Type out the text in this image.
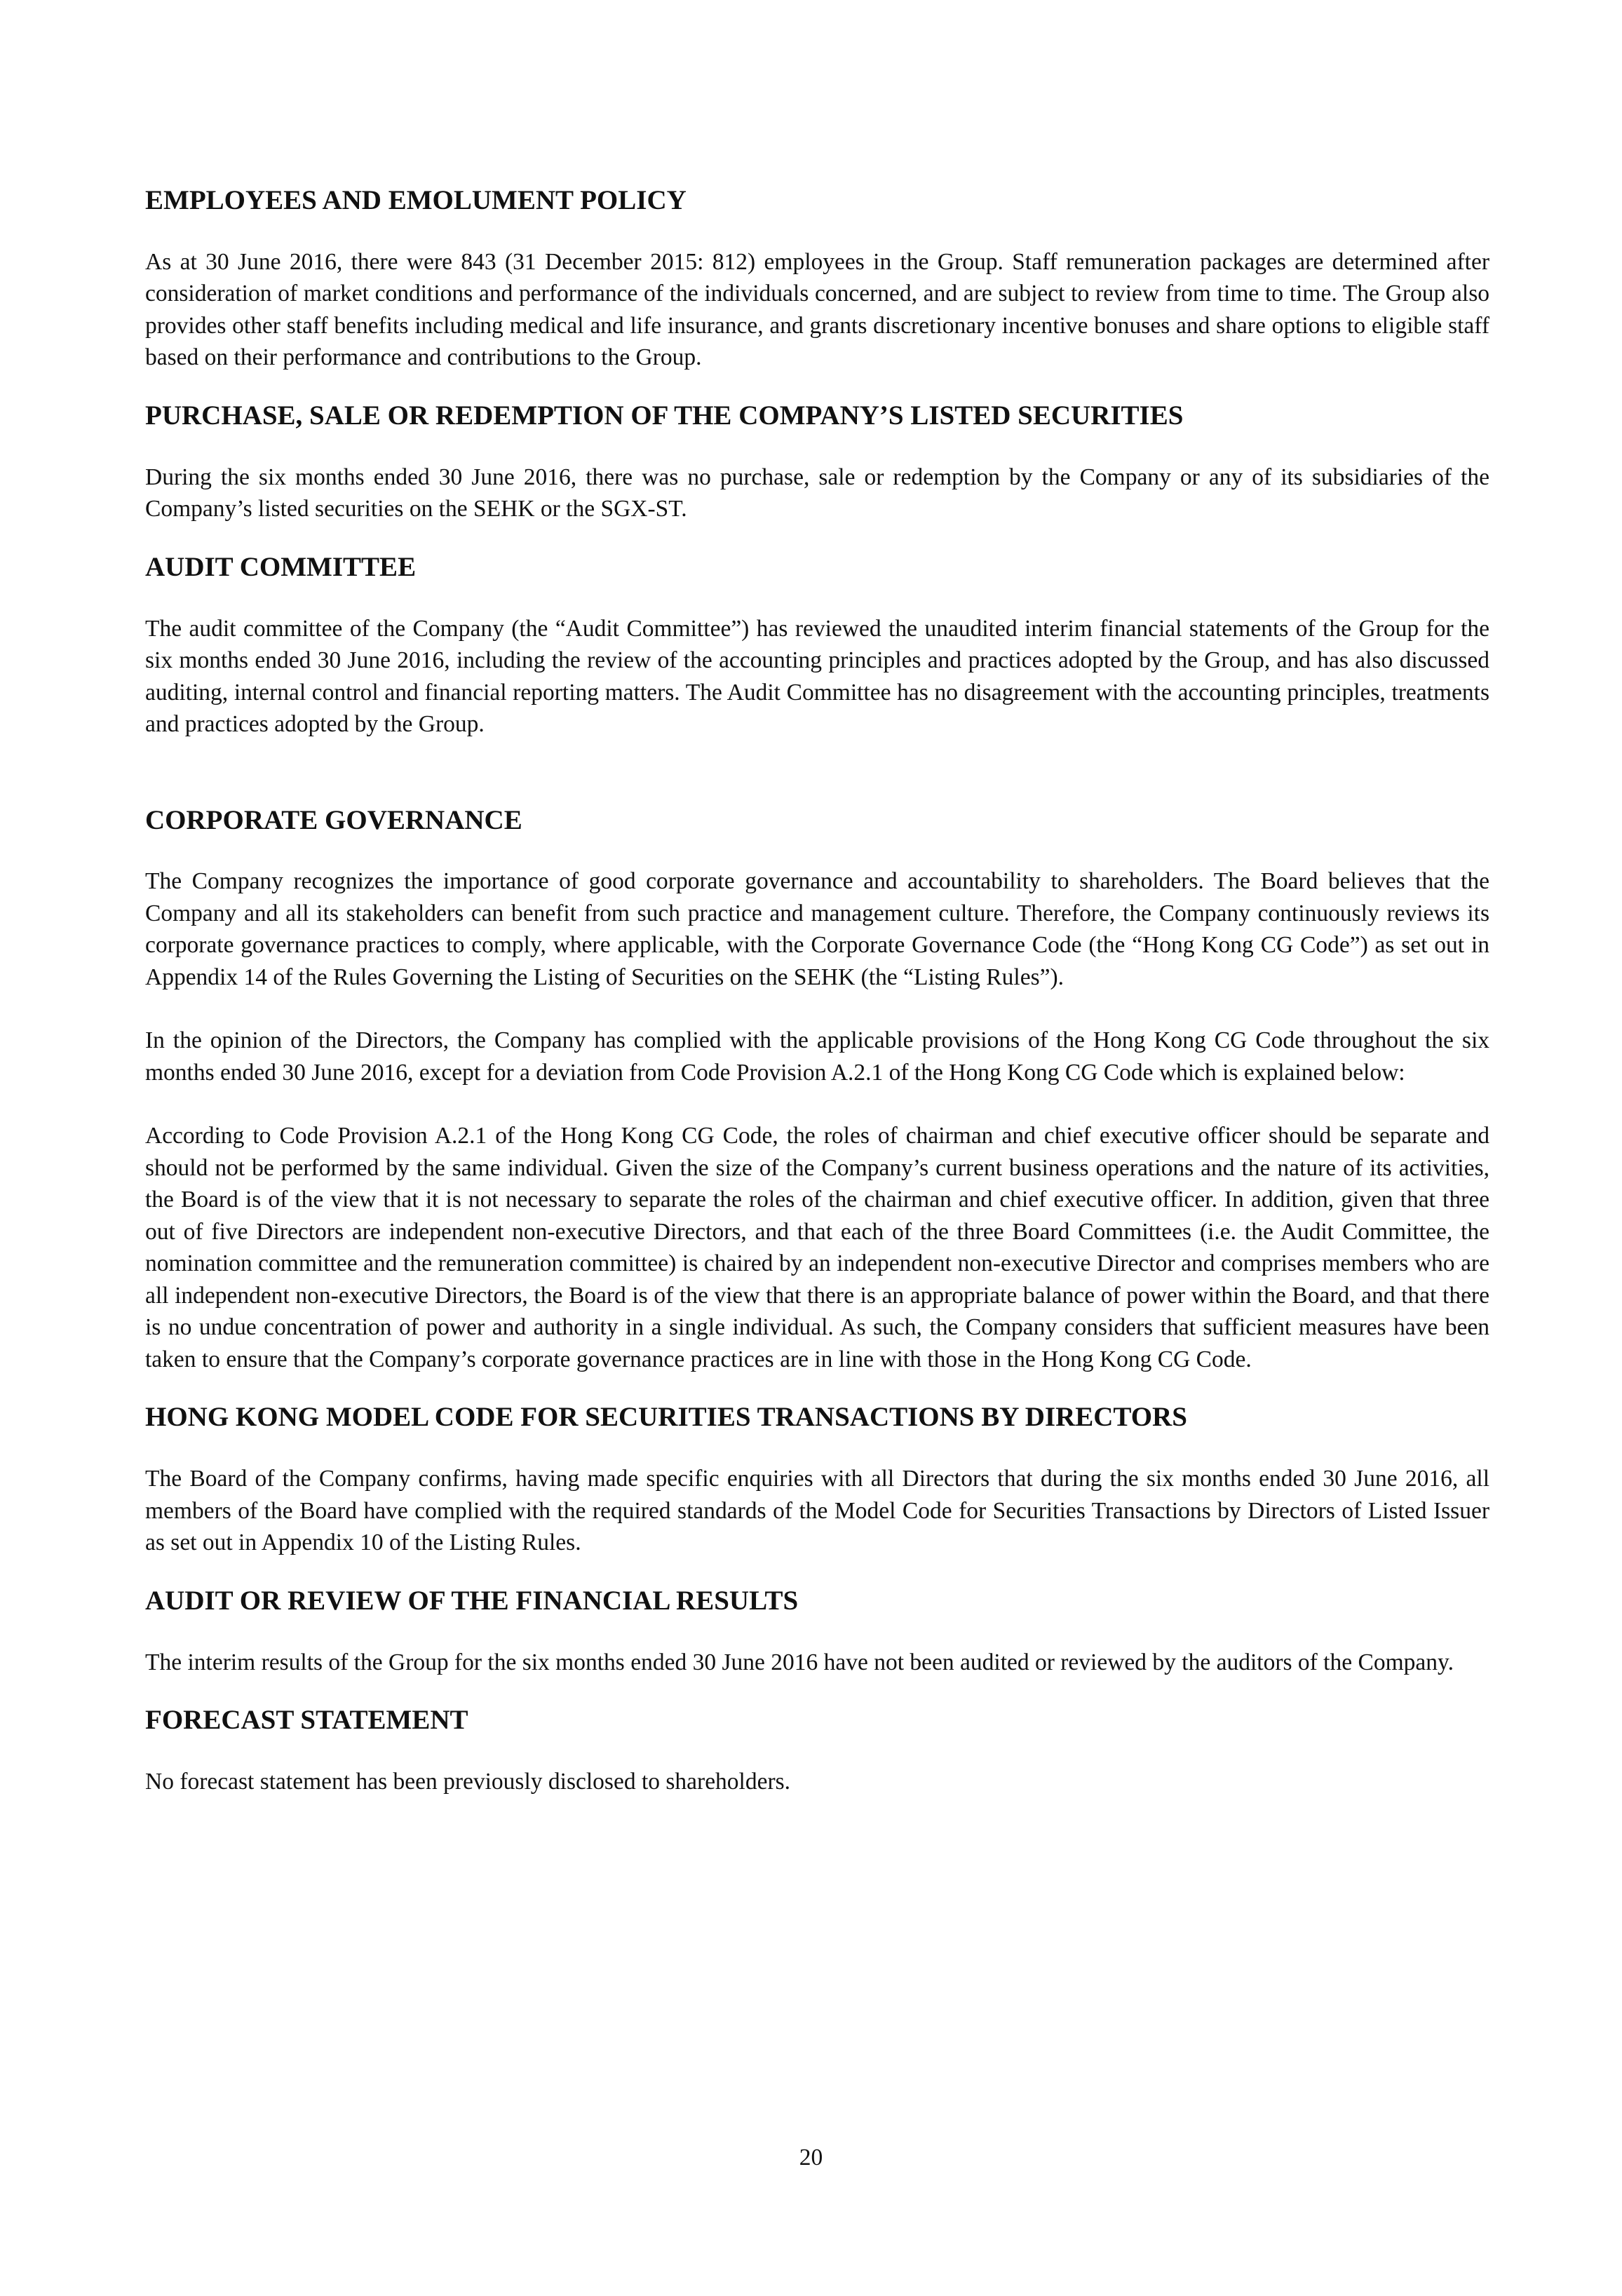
EMPLOYEES AND EMOLUMENT POLICY

As at 30 June 2016, there were 843 (31 December 2015: 812) employees in the Group. Staff remuneration packages are determined after consideration of market conditions and performance of the individuals concerned, and are subject to review from time to time. The Group also provides other staff benefits including medical and life insurance, and grants discretionary incentive bonuses and share options to eligible staff based on their performance and contributions to the Group.

PURCHASE, SALE OR REDEMPTION OF THE COMPANY’S LISTED SECURITIES

During the six months ended 30 June 2016, there was no purchase, sale or redemption by the Company or any of its subsidiaries of the Company’s listed securities on the SEHK or the SGX-ST.

AUDIT COMMITTEE

The audit committee of the Company (the “Audit Committee”) has reviewed the unaudited interim financial statements of the Group for the six months ended 30 June 2016, including the review of the accounting principles and practices adopted by the Group, and has also discussed auditing, internal control and financial reporting matters. The Audit Committee has no disagreement with the accounting principles, treatments and practices adopted by the Group.

CORPORATE GOVERNANCE

The Company recognizes the importance of good corporate governance and accountability to shareholders. The Board believes that the Company and all its stakeholders can benefit from such practice and management culture. Therefore, the Company continuously reviews its corporate governance practices to comply, where applicable, with the Corporate Governance Code (the “Hong Kong CG Code”) as set out in Appendix 14 of the Rules Governing the Listing of Securities on the SEHK (the “Listing Rules”).

In the opinion of the Directors, the Company has complied with the applicable provisions of the Hong Kong CG Code throughout the six months ended 30 June 2016, except for a deviation from Code Provision A.2.1 of the Hong Kong CG Code which is explained below:

According to Code Provision A.2.1 of the Hong Kong CG Code, the roles of chairman and chief executive officer should be separate and should not be performed by the same individual. Given the size of the Company’s current business operations and the nature of its activities, the Board is of the view that it is not necessary to separate the roles of the chairman and chief executive officer. In addition, given that three out of five Directors are independent non-executive Directors, and that each of the three Board Committees (i.e. the Audit Committee, the nomination committee and the remuneration committee) is chaired by an independent non-executive Director and comprises members who are all independent non-executive Directors, the Board is of the view that there is an appropriate balance of power within the Board, and that there is no undue concentration of power and authority in a single individual. As such, the Company considers that sufficient measures have been taken to ensure that the Company’s corporate governance practices are in line with those in the Hong Kong CG Code.

HONG KONG MODEL CODE FOR SECURITIES TRANSACTIONS BY DIRECTORS

The Board of the Company confirms, having made specific enquiries with all Directors that during the six months ended 30 June 2016, all members of the Board have complied with the required standards of the Model Code for Securities Transactions by Directors of Listed Issuer as set out in Appendix 10 of the Listing Rules.

AUDIT OR REVIEW OF THE FINANCIAL RESULTS

The interim results of the Group for the six months ended 30 June 2016 have not been audited or reviewed by the auditors of the Company.

FORECAST STATEMENT

No forecast statement has been previously disclosed to shareholders.

20
